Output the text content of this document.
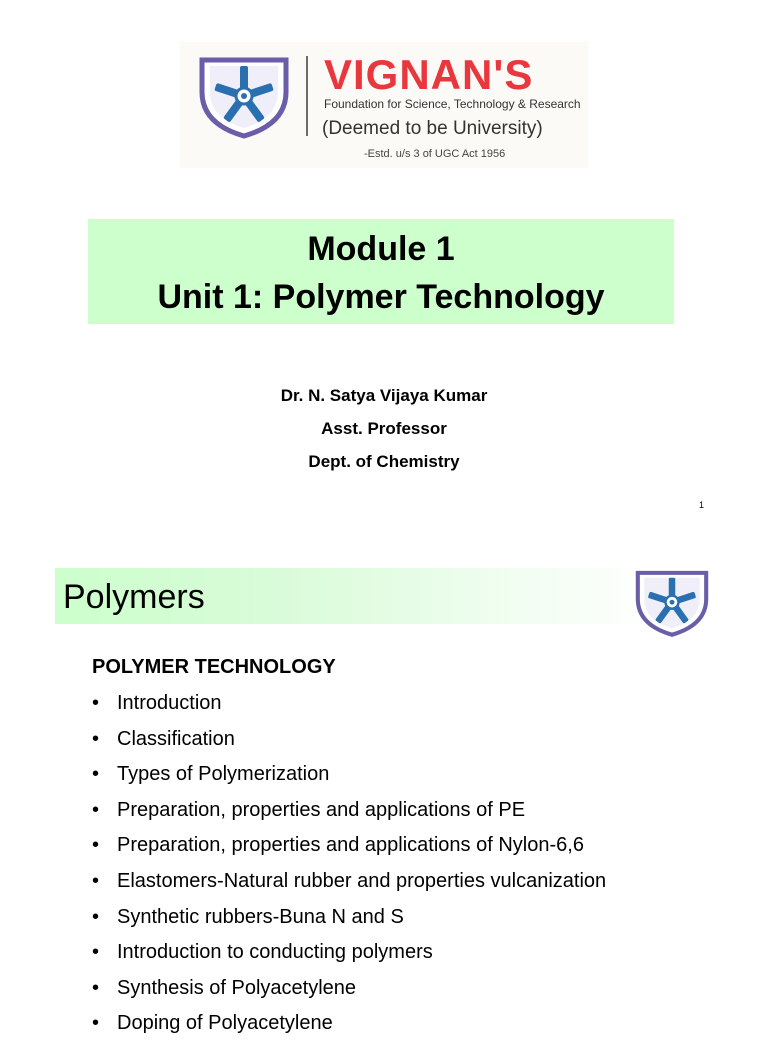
VIGNAN'S
Foundation for Science, Technology & Research
(Deemed to be University)
-Estd. u/s 3 of UGC Act 1956
Module 1
Unit 1: Polymer Technology
Dr. N. Satya Vijaya Kumar
Asst. Professor
Dept. of Chemistry
1
Polymers
POLYMER TECHNOLOGY
• Introduction
• Classification
• Types of Polymerization
• Preparation, properties and applications of PE
• Preparation, properties and applications of Nylon-6,6
• Elastomers-Natural rubber and properties vulcanization
• Synthetic rubbers-Buna N and S
• Introduction to conducting polymers
• Synthesis of Polyacetylene
• Doping of Polyacetylene
